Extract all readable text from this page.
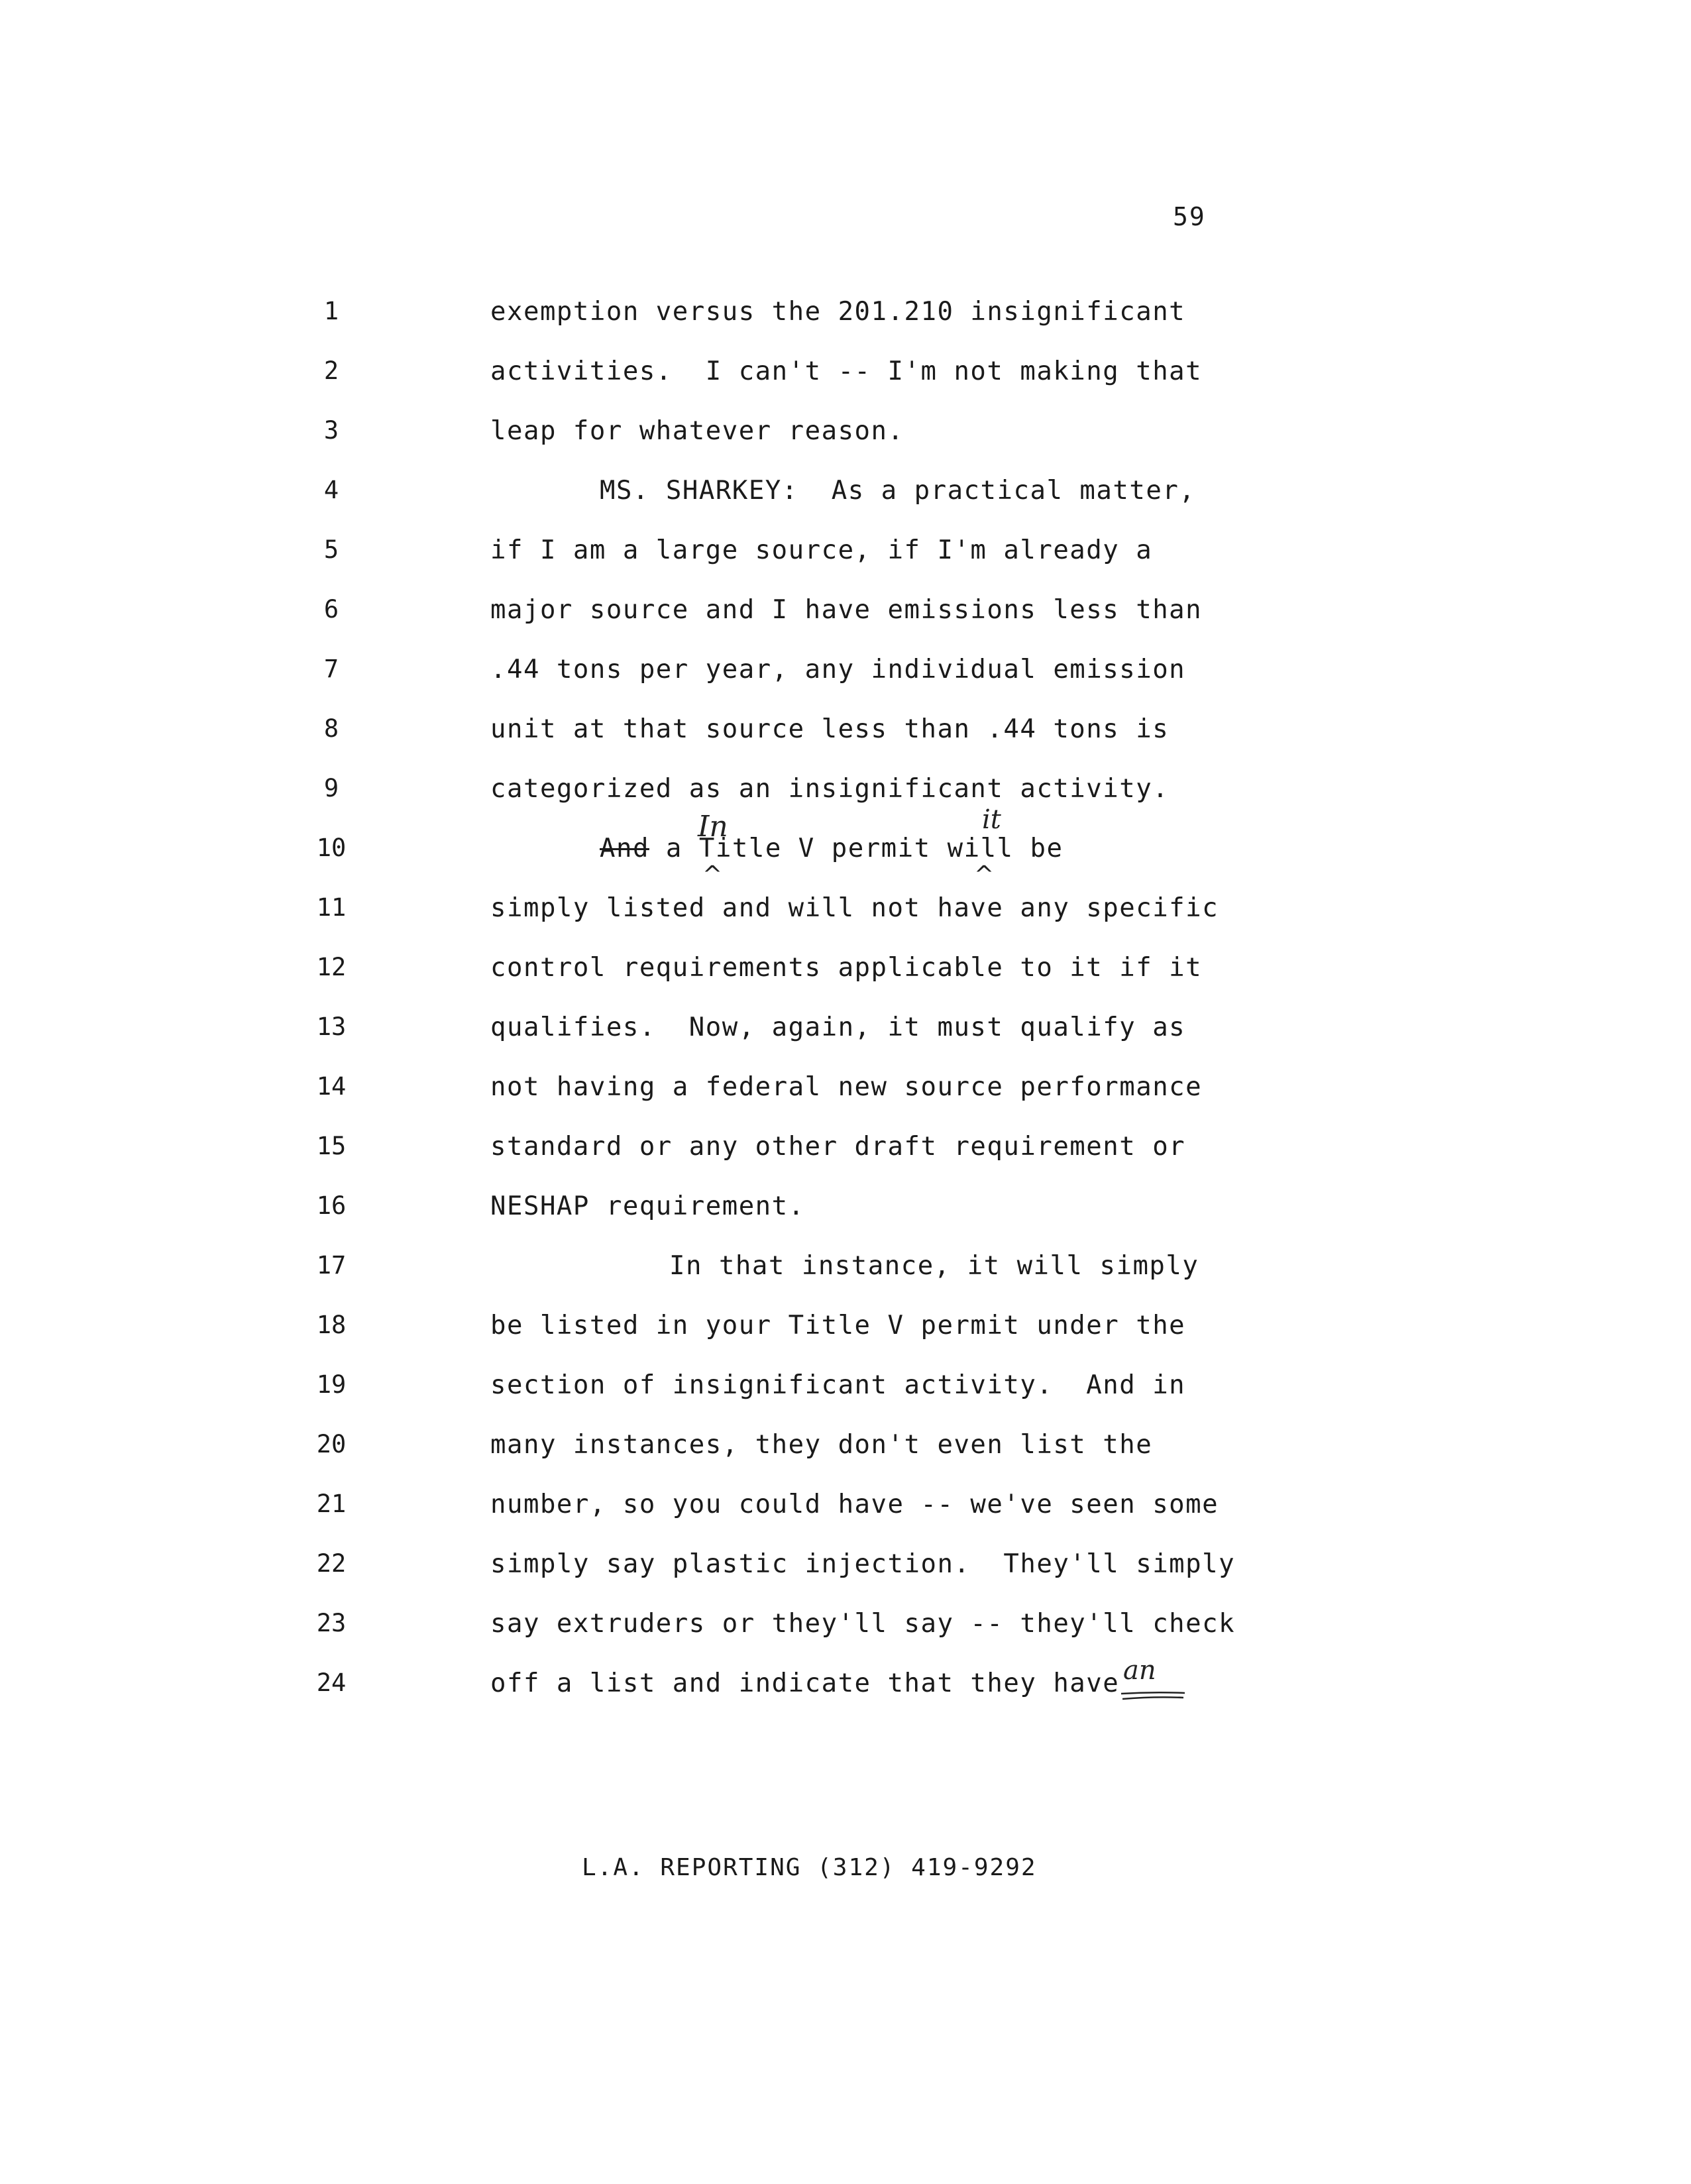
59
1	exemption versus the 201.210 insignificant
2	activities.  I can't -- I'm not making that
3	leap for whatever reason.
4	MS. SHARKEY:  As a practical matter,
5	if I am a large source, if I'm already a
6	major source and I have emissions less than
7	.44 tons per year, any individual emission
8	unit at that source less than .44 tons is
9	categorized as an insignificant activity.
10	And a Title V permit will be
In
^
it
^
11	simply listed and will not have any specific
12	control requirements applicable to it if it
13	qualifies.  Now, again, it must qualify as
14	not having a federal new source performance
15	standard or any other draft requirement or
16	NESHAP requirement.
17	In that instance, it will simply
18	be listed in your Title V permit under the
19	section of insignificant activity.  And in
20	many instances, they don't even list the
21	number, so you could have -- we've seen some
22	simply say plastic injection.  They'll simply
23	say extruders or they'll say -- they'll check
24	off a list and indicate that they have an
L.A. REPORTING (312) 419-9292
